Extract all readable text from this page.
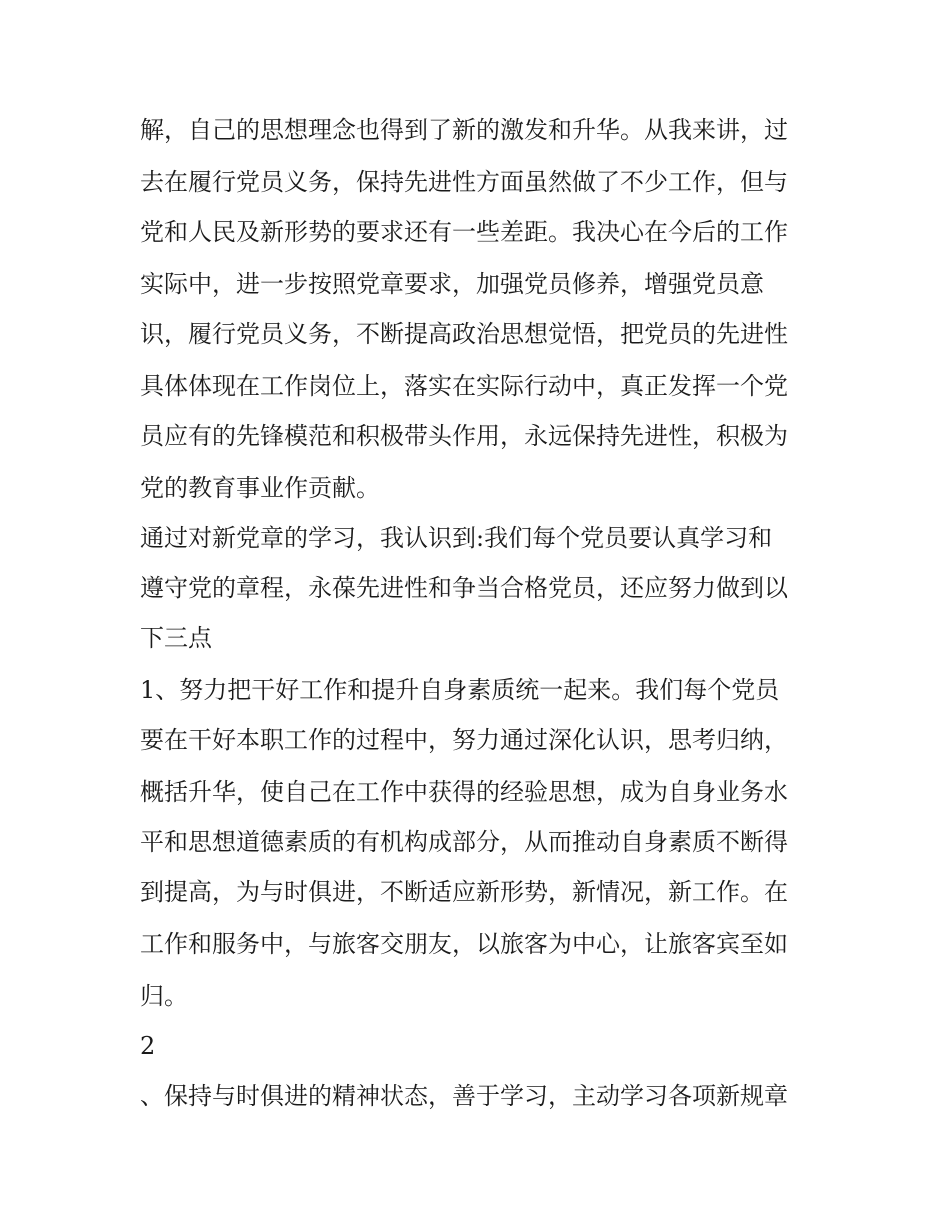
解，自己的思想理念也得到了新的激发和升华。从我来讲，过

去在履行党员义务，保持先进性方面虽然做了不少工作，但与

党和人民及新形势的要求还有一些差距。我决心在今后的工作

实际中，进一步按照党章要求，加强党员修养，增强党员意

识，履行党员义务，不断提高政治思想觉悟，把党员的先进性

具体体现在工作岗位上，落实在实际行动中，真正发挥一个党

员应有的先锋模范和积极带头作用，永远保持先进性，积极为

党的教育事业作贡献。

通过对新党章的学习，我认识到:我们每个党员要认真学习和

遵守党的章程，永葆先进性和争当合格党员，还应努力做到以

下三点

1、努力把干好工作和提升自身素质统一起来。我们每个党员

要在干好本职工作的过程中，努力通过深化认识，思考归纳，

概括升华，使自己在工作中获得的经验思想，成为自身业务水

平和思想道德素质的有机构成部分，从而推动自身素质不断得

到提高，为与时俱进，不断适应新形势，新情况，新工作。在

工作和服务中，与旅客交朋友，以旅客为中心，让旅客宾至如

归。

2

、保持与时俱进的精神状态，善于学习，主动学习各项新规章
